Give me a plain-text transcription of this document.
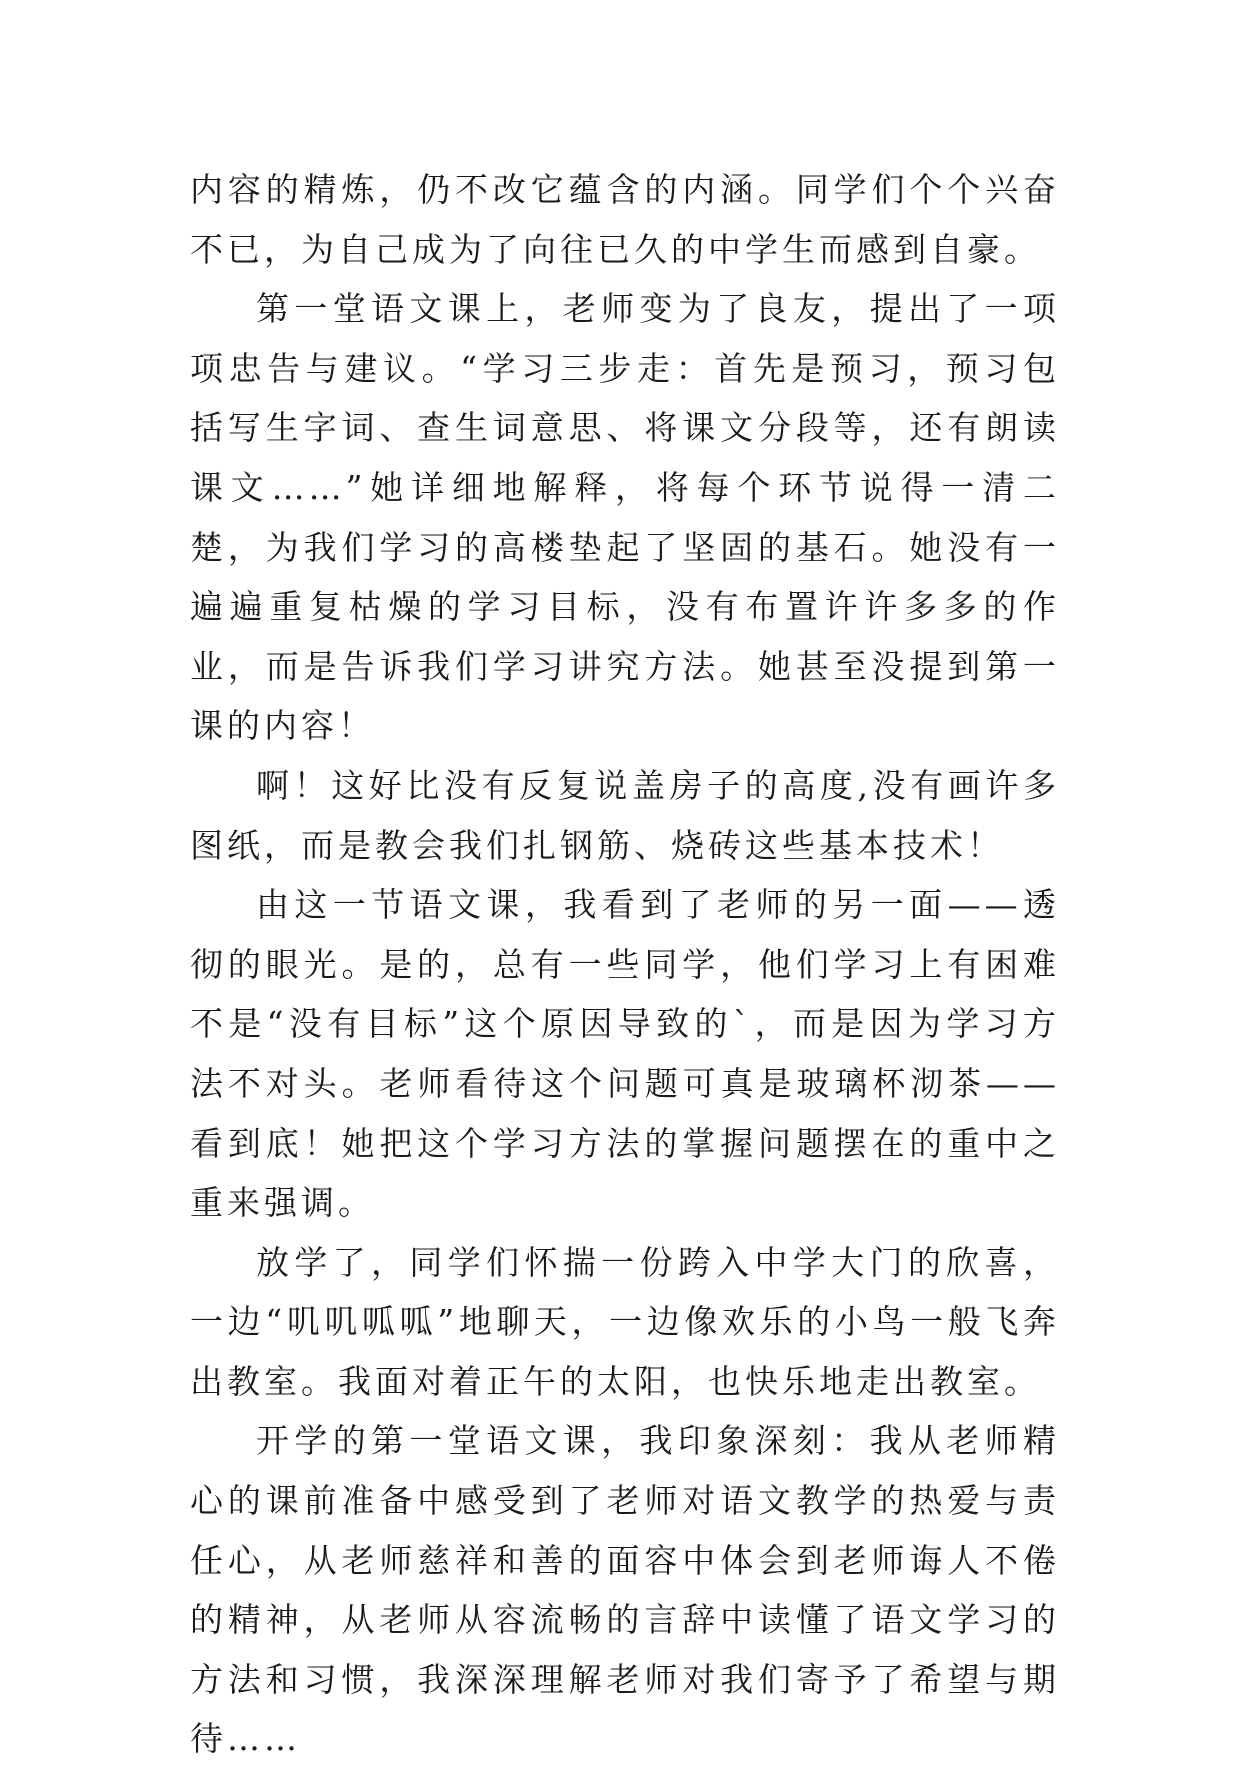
内容的精炼，仍不改它蕴含的内涵。同学们个个兴奋不已，为自己成为了向往已久的中学生而感到自豪。

第一堂语文课上，老师变为了良友，提出了一项项忠告与建议。“学习三步走：首先是预习，预习包括写生字词、查生词意思、将课文分段等，还有朗读课文……”她详细地解释，将每个环节说得一清二楚，为我们学习的高楼垫起了坚固的基石。她没有一遍遍重复枯燥的学习目标，没有布置许许多多的作业，而是告诉我们学习讲究方法。她甚至没提到第一课的内容！

啊！这好比没有反复说盖房子的高度,没有画许多图纸，而是教会我们扎钢筋、烧砖这些基本技术！

由这一节语文课，我看到了老师的另一面——透彻的眼光。是的，总有一些同学，他们学习上有困难不是“没有目标”这个原因导致的`，而是因为学习方法不对头。老师看待这个问题可真是玻璃杯沏茶——看到底！她把这个学习方法的掌握问题摆在的重中之重来强调。

放学了，同学们怀揣一份跨入中学大门的欣喜，一边“叽叽呱呱”地聊天，一边像欢乐的小鸟一般飞奔出教室。我面对着正午的太阳，也快乐地走出教室。

开学的第一堂语文课，我印象深刻：我从老师精心的课前准备中感受到了老师对语文教学的热爱与责任心，从老师慈祥和善的面容中体会到老师诲人不倦的精神，从老师从容流畅的言辞中读懂了语文学习的方法和习惯，我深深理解老师对我们寄予了希望与期待……
